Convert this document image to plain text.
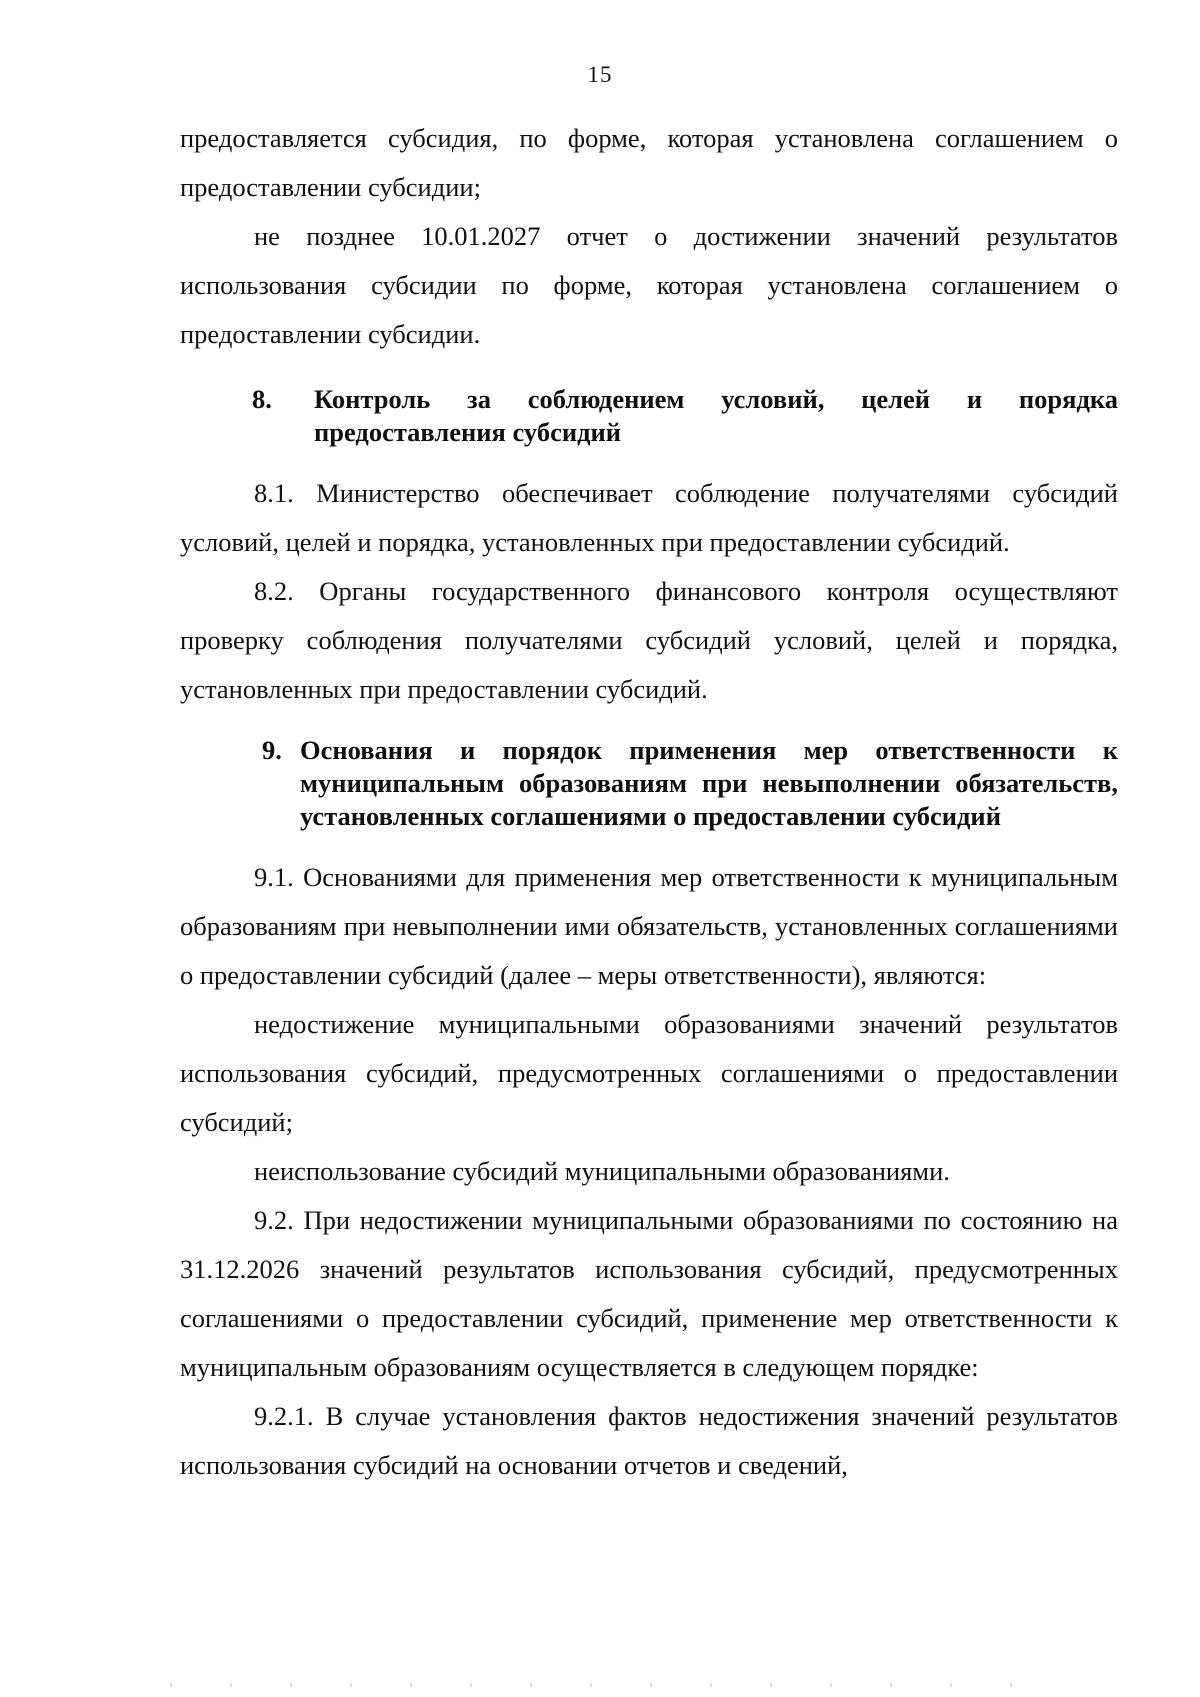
15

предоставляется субсидия, по форме, которая установлена соглашением о предоставлении субсидии;

не позднее 10.01.2027 отчет о достижении значений результатов использования субсидии по форме, которая установлена соглашением о предоставлении субсидии.

8.	Контроль за соблюдением условий, целей и порядка предоставления субсидий

8.1. Министерство обеспечивает соблюдение получателями субсидий условий, целей и порядка, установленных при предоставлении субсидий.

8.2. Органы государственного финансового контроля осуществляют проверку соблюдения получателями субсидий условий, целей и порядка, установленных при предоставлении субсидий.

9. Основания и порядок применения мер ответственности к муниципальным образованиям при невыполнении обязательств, установленных соглашениями о предоставлении субсидий

9.1. Основаниями для применения мер ответственности к муниципальным образованиям при невыполнении ими обязательств, установленных соглашениями о предоставлении субсидий (далее – меры ответственности), являются:

недостижение муниципальными образованиями значений результатов использования субсидий, предусмотренных соглашениями о предоставлении субсидий;

неиспользование субсидий муниципальными образованиями.

9.2. При недостижении муниципальными образованиями по состоянию на 31.12.2026 значений результатов использования субсидий, предусмотренных соглашениями о предоставлении субсидий, применение мер ответственности к муниципальным образованиям осуществляется в следующем порядке:

9.2.1. В случае установления фактов недостижения значений результатов использования субсидий на основании отчетов и сведений,
